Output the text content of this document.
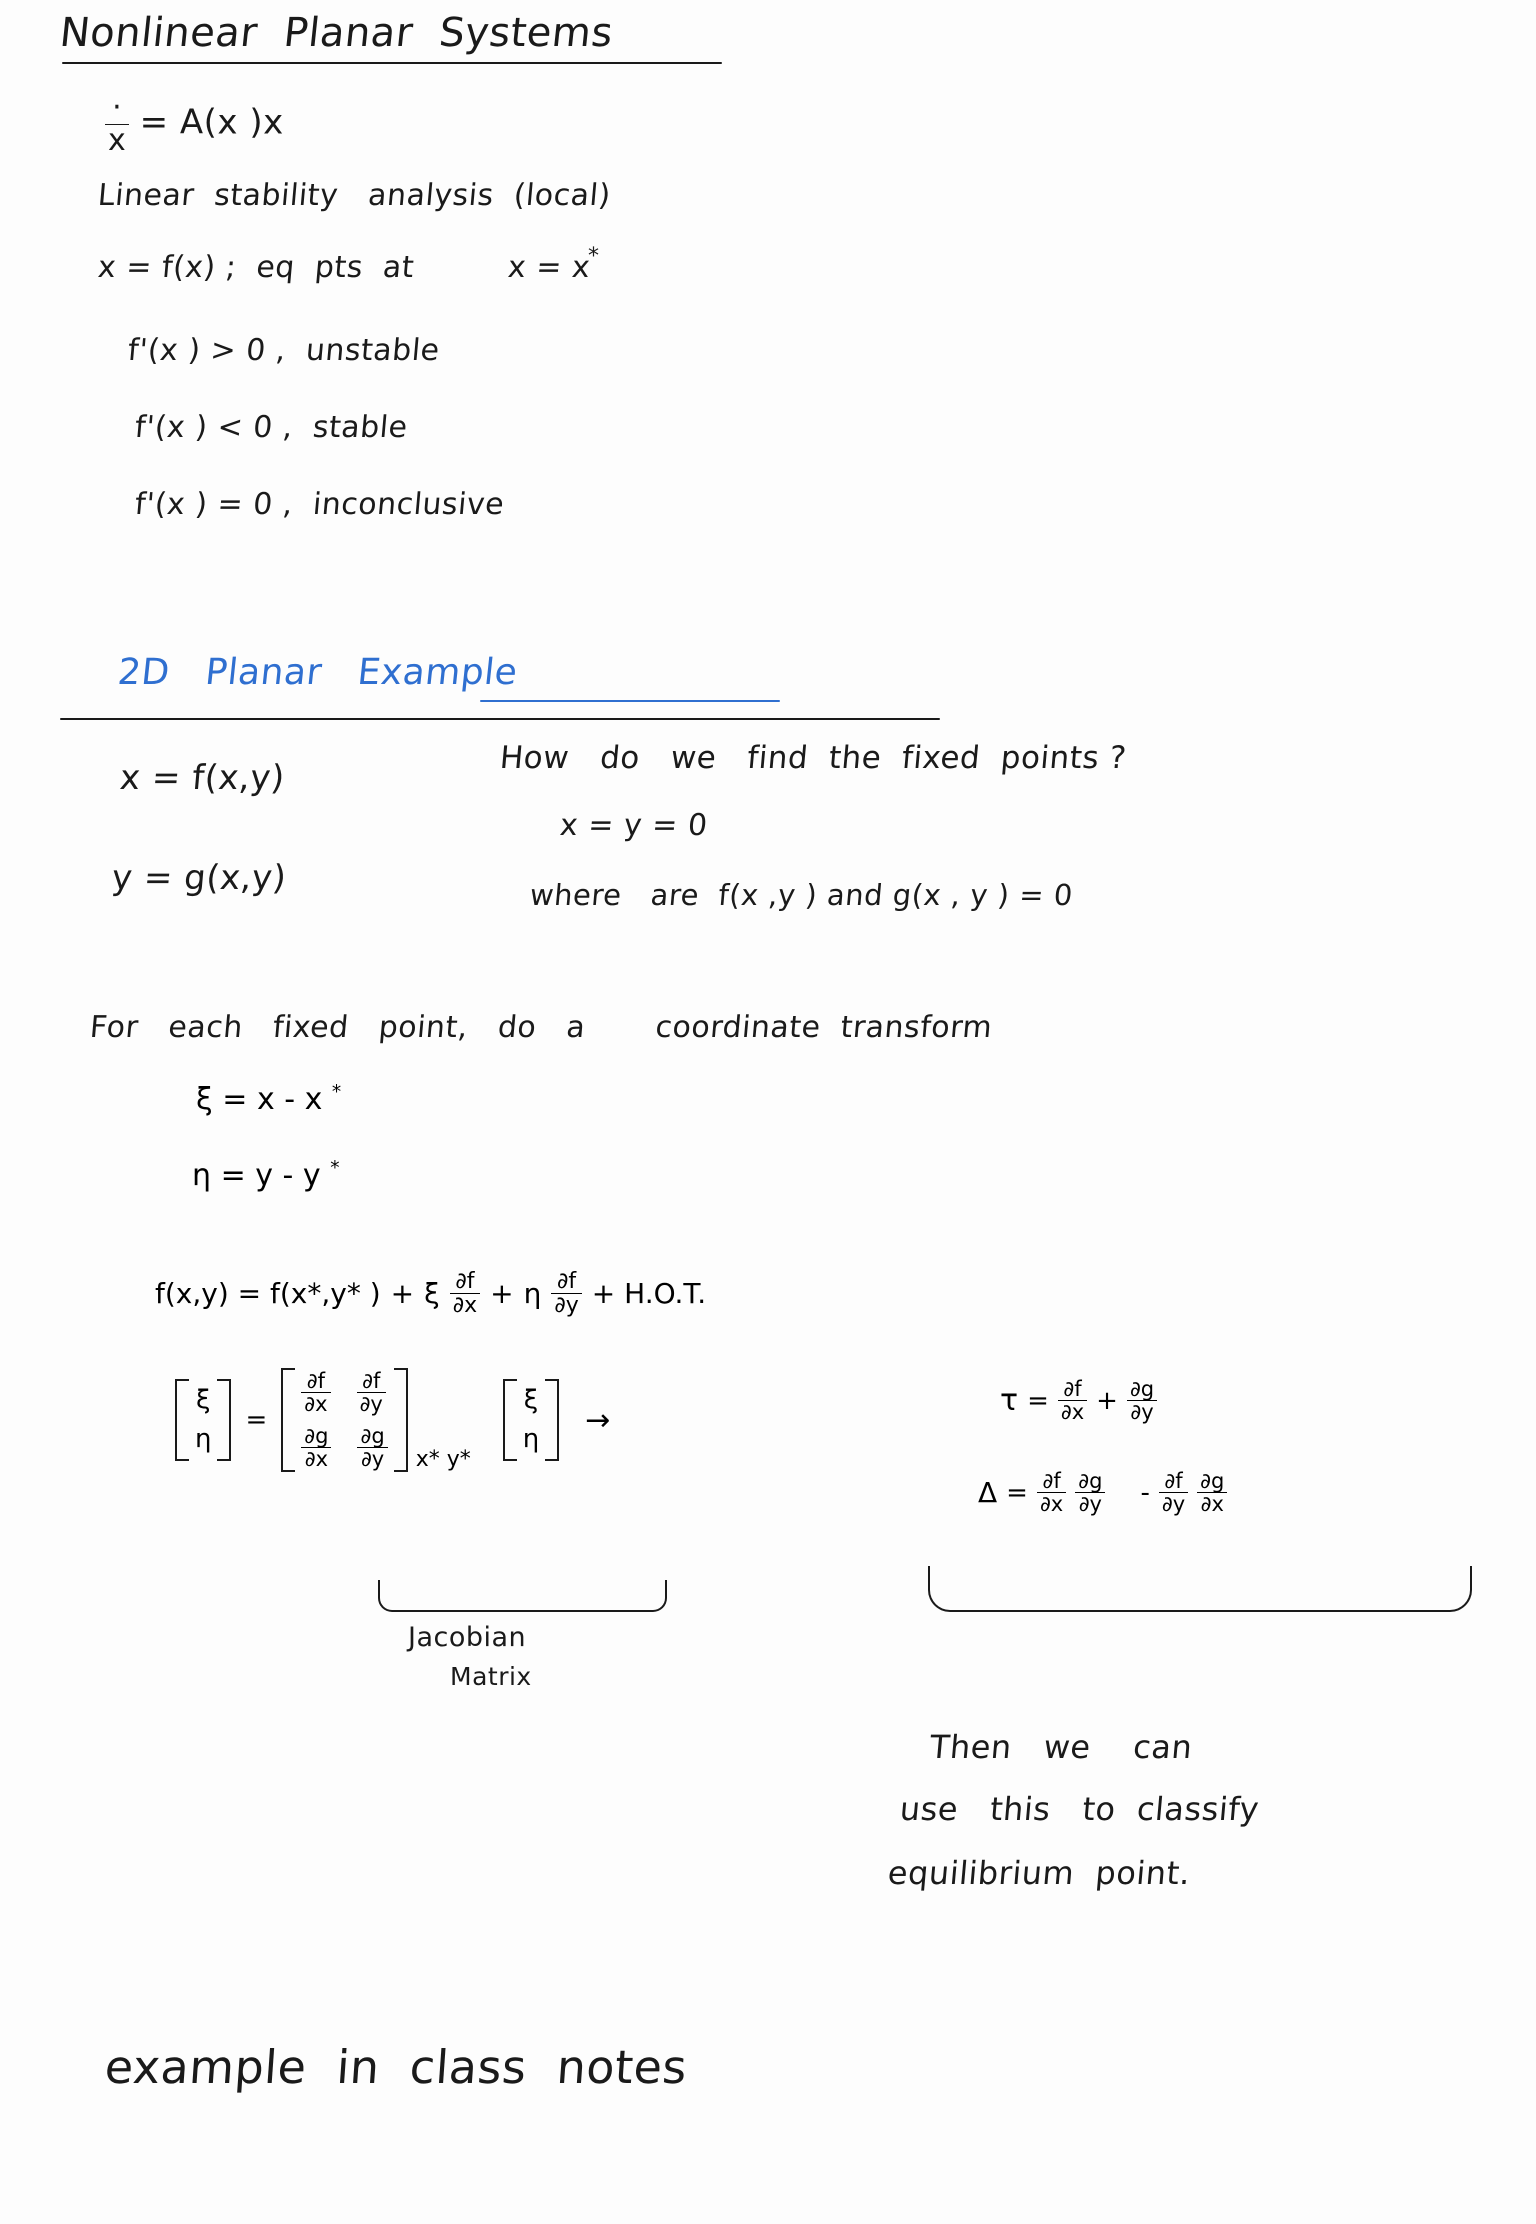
Nonlinear  Planar  Systems
$\frac{\cdot}{x} = A(x$ )x
Linear  stability   analysis  (local)
x = f(x) ;  eq  pts  at	x = x
*
f'(x ) > 0 ,  unstable
f'(x ) < 0 ,  stable
f'(x ) = 0 ,  inconclusive
2D   Planar   Example
x = f(x,y)
y = g(x,y)
How   do   we   find  the  fixed  points ?
x = y = 0
where   are  f(x ,y ) and g(x , y ) = 0
For   each   fixed   point,   do   a       coordinate  transform
ξ = x - x *
η = y - y *
f(x,y) = f(x*,y* ) + ξ $\frac{\partial f}{\partial x} + \eta \frac{\partial f}{\partial y} + H.O.T$.
ξ
η
=
$\frac{\partial f}{\partial x} \frac{\partial f}{\partial y}$
$\frac{\partial g}{\partial x} \frac{\partial g}{\partial y} x*$ y*
ξ
η
→
$\tau = \frac{\partial f}{\partial x} + \frac{\partial g}{\partial y}$
$\Delta = \frac{\partial f}{\partial x} \frac{\partial g}{\partial y} - \frac{\partial f}{\partial y} \frac{\partial g}{\partial x}$
Jacobian
Matrix
Then   we    can
use   this   to  classify
equilibrium  point.
example  in  class  notes
